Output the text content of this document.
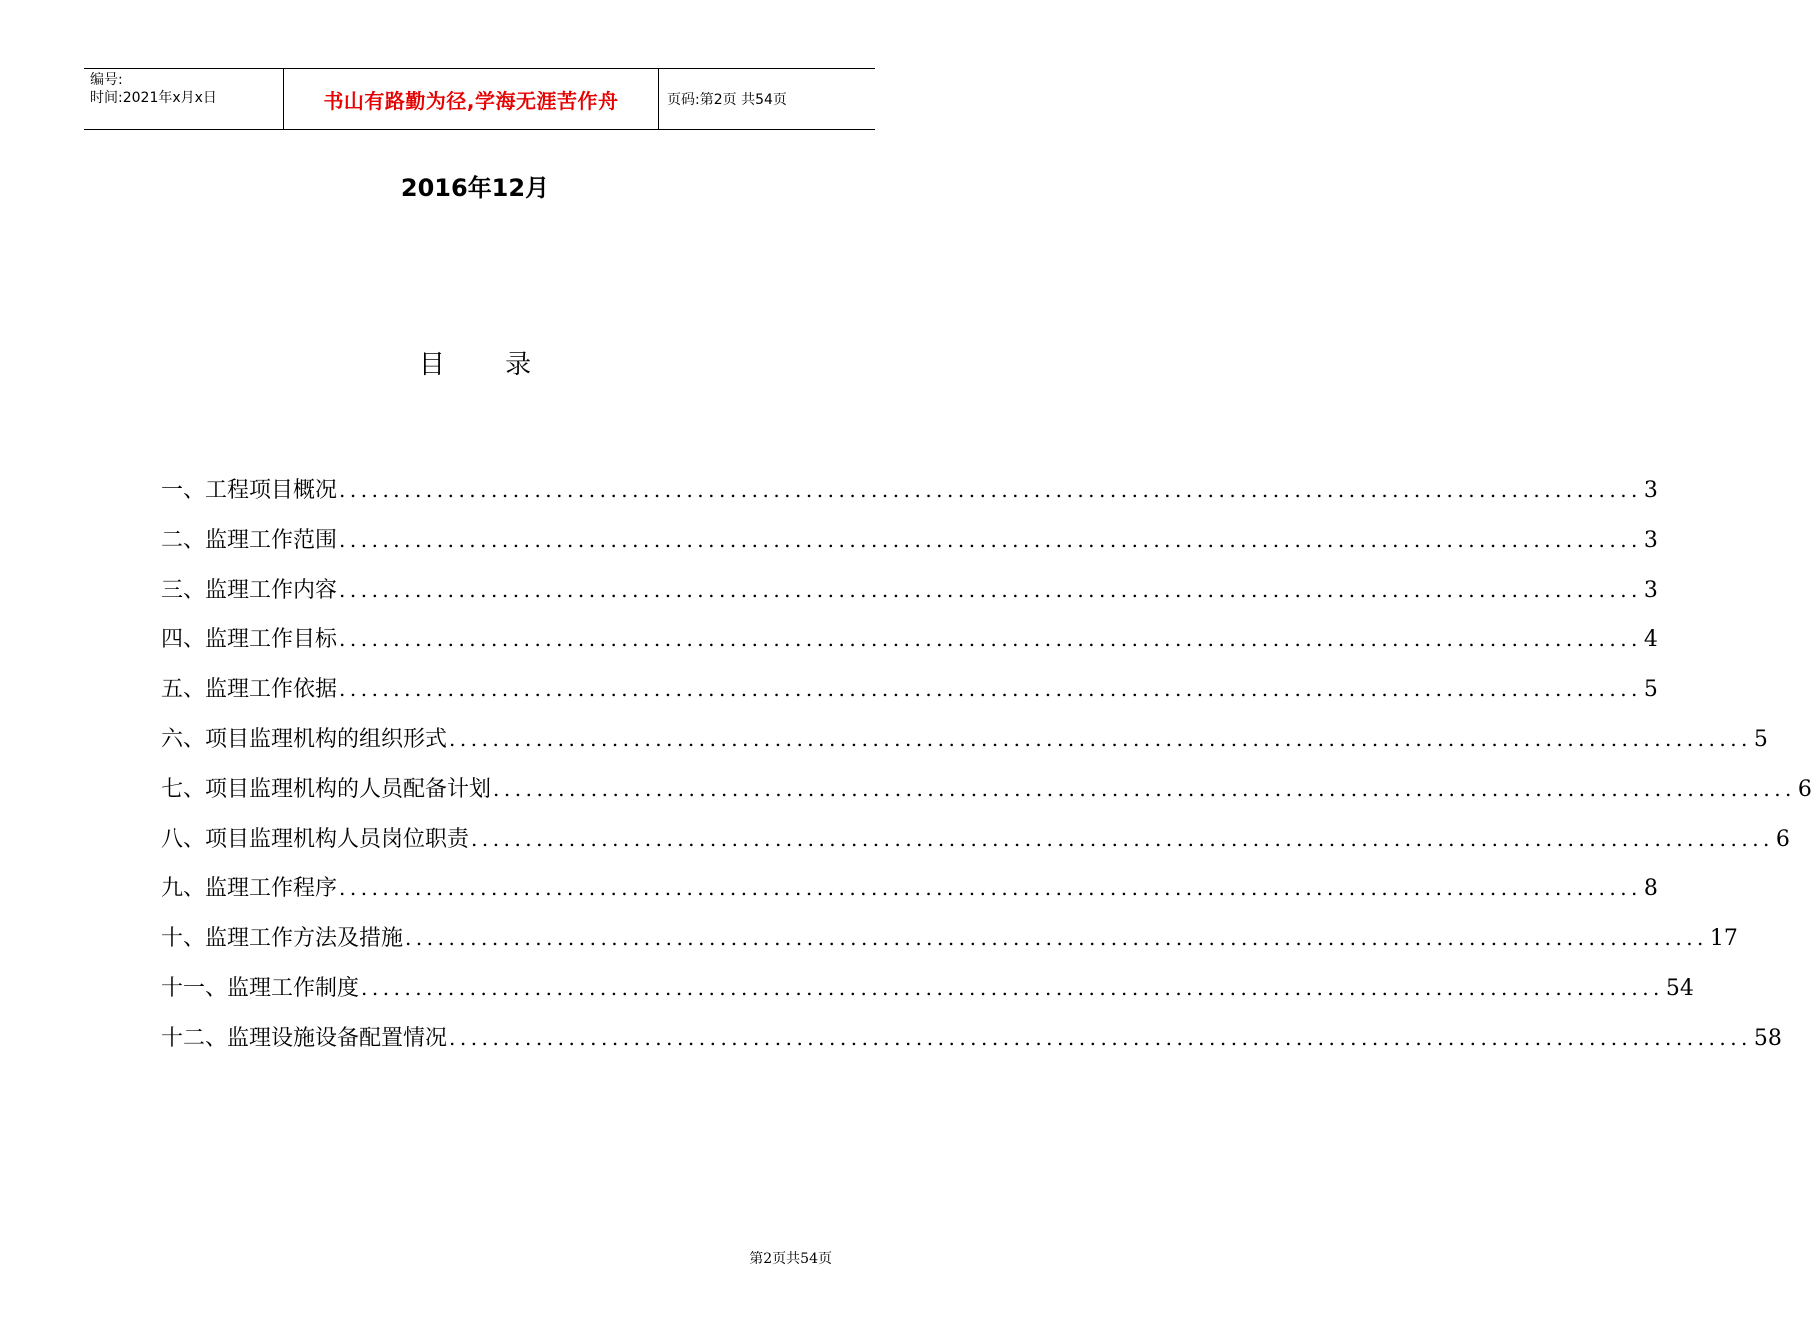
编号:
时间:2021年x月x日	书山有路勤为径,学海无涯苦作舟	页码:第2页 共54页
2016年12月
目 录
一、工程项目概况 ........................................................................................................................ 3
二、监理工作范围 ........................................................................................................................ 3
三、监理工作内容 ........................................................................................................................ 3
四、监理工作目标 ........................................................................................................................ 4
五、监理工作依据 ........................................................................................................................ 5
六、项目监理机构的组织形式 ........................................................................................................................ 5
七、项目监理机构的人员配备计划 ........................................................................................................................ 6
八、项目监理机构人员岗位职责 ........................................................................................................................ 6
九、监理工作程序 ........................................................................................................................ 8
十、监理工作方法及措施 ........................................................................................................................ 17
十一、监理工作制度 ........................................................................................................................ 54
十二、监理设施设备配置情况 ........................................................................................................................ 58
第2页共54页
